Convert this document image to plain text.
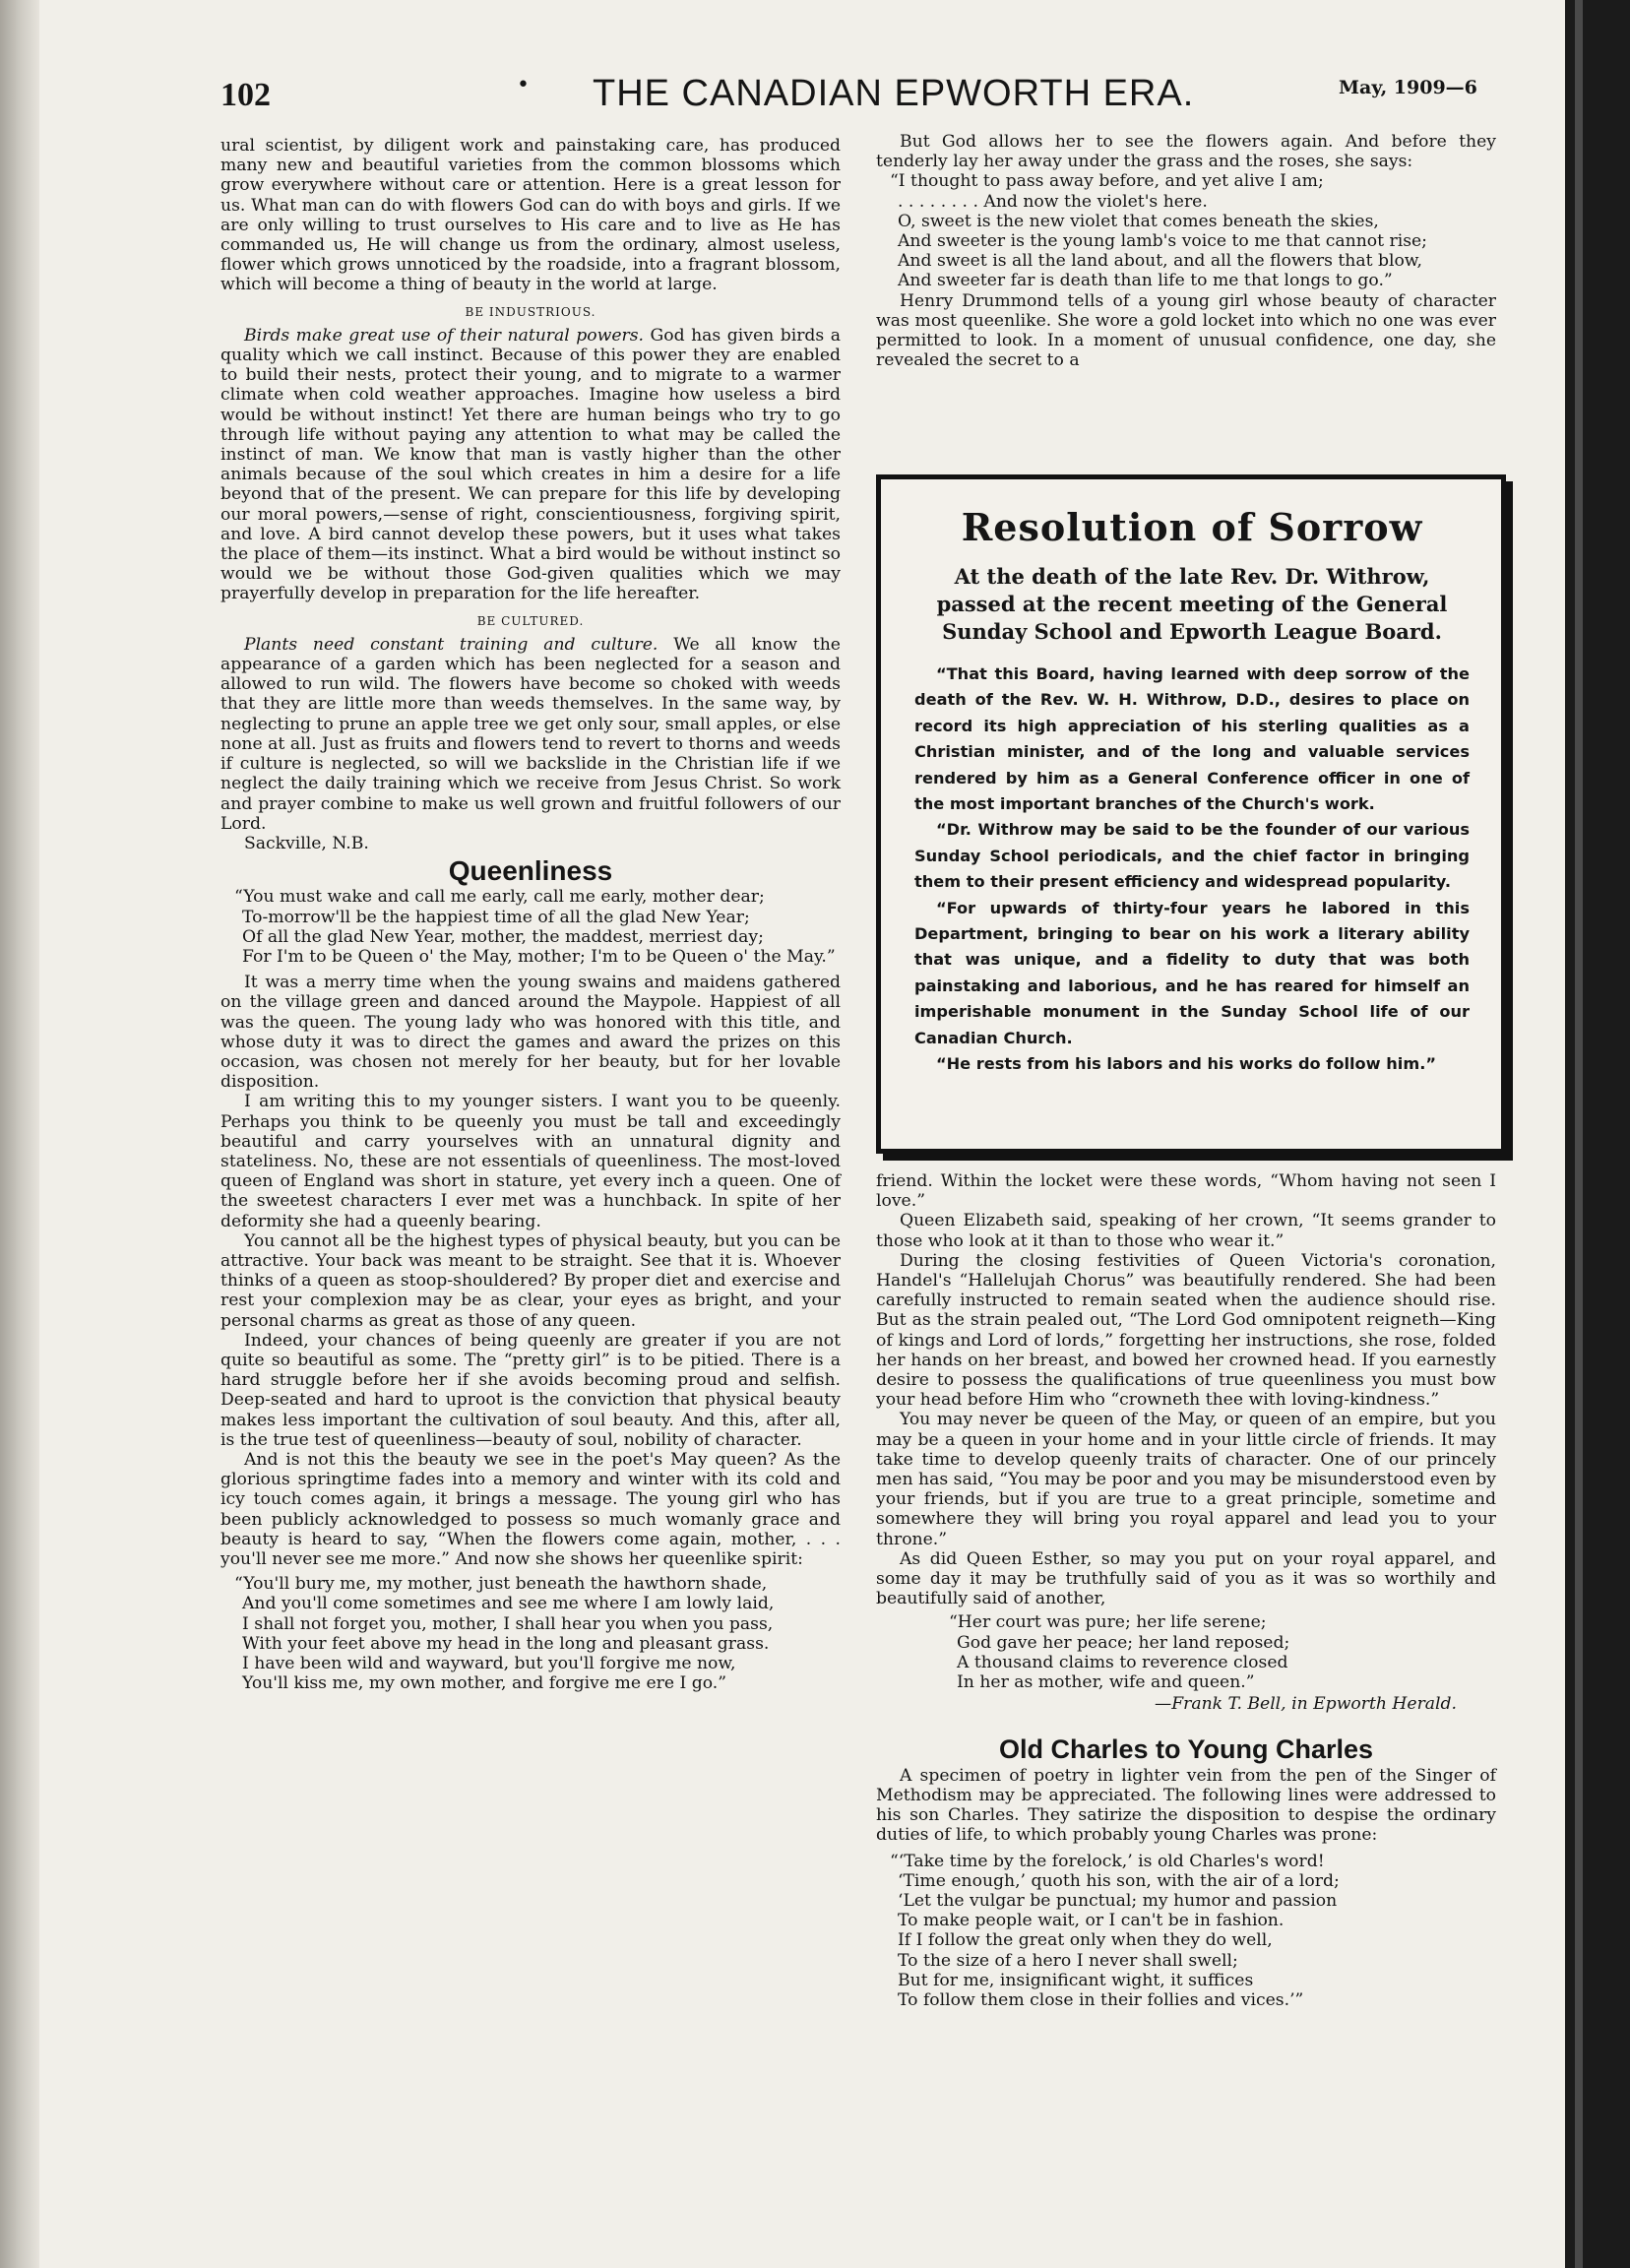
102	• THE CANADIAN EPWORTH ERA.	May, 1909—6

ural scientist, by diligent work and painstaking care, has produced many new and beautiful varieties from the common blossoms which grow everywhere without care or attention. Here is a great lesson for us. What man can do with flowers God can do with boys and girls. If we are only willing to trust ourselves to His care and to live as He has commanded us, He will change us from the ordinary, almost useless, flower which grows unnoticed by the roadside, into a fragrant blossom, which will become a thing of beauty in the world at large.

BE INDUSTRIOUS.

Birds make great use of their natural powers. God has given birds a quality which we call instinct. Because of this power they are enabled to build their nests, protect their young, and to migrate to a warmer climate when cold weather approaches. Imagine how useless a bird would be without instinct! Yet there are human beings who try to go through life without paying any attention to what may be called the instinct of man. We know that man is vastly higher than the other animals because of the soul which creates in him a desire for a life beyond that of the present. We can prepare for this life by developing our moral powers,—sense of right, conscientiousness, forgiving spirit, and love. A bird cannot develop these powers, but it uses what takes the place of them—its instinct. What a bird would be without instinct so would we be without those God-given qualities which we may prayerfully develop in preparation for the life hereafter.

BE CULTURED.

Plants need constant training and culture. We all know the appearance of a garden which has been neglected for a season and allowed to run wild. The flowers have become so choked with weeds that they are little more than weeds themselves. In the same way, by neglecting to prune an apple tree we get only sour, small apples, or else none at all. Just as fruits and flowers tend to revert to thorns and weeds if culture is neglected, so will we backslide in the Christian life if we neglect the daily training which we receive from Jesus Christ. So work and prayer combine to make us well grown and fruitful followers of our Lord.

Sackville, N.B.

Queenliness
“You must wake and call me early, call me early, mother dear;
To-morrow'll be the happiest time of all the glad New Year;
Of all the glad New Year, mother, the maddest, merriest day;
For I'm to be Queen o' the May, mother; I'm to be Queen o' the May.”

It was a merry time when the young swains and maidens gathered on the village green and danced around the Maypole. Happiest of all was the queen. The young lady who was honored with this title, and whose duty it was to direct the games and award the prizes on this occasion, was chosen not merely for her beauty, but for her lovable disposition.

I am writing this to my younger sisters. I want you to be queenly. Perhaps you think to be queenly you must be tall and exceedingly beautiful and carry yourselves with an unnatural dignity and stateliness. No, these are not essentials of queenliness. The most-loved queen of England was short in stature, yet every inch a queen. One of the sweetest characters I ever met was a hunchback. In spite of her deformity she had a queenly bearing.

You cannot all be the highest types of physical beauty, but you can be attractive. Your back was meant to be straight. See that it is. Whoever thinks of a queen as stoop-shouldered? By proper diet and exercise and rest your complexion may be as clear, your eyes as bright, and your personal charms as great as those of any queen.

Indeed, your chances of being queenly are greater if you are not quite so beautiful as some. The “pretty girl” is to be pitied. There is a hard struggle before her if she avoids becoming proud and selfish. Deep-seated and hard to uproot is the conviction that physical beauty makes less important the cultivation of soul beauty. And this, after all, is the true test of queenliness—beauty of soul, nobility of character.

And is not this the beauty we see in the poet's May queen? As the glorious springtime fades into a memory and winter with its cold and icy touch comes again, it brings a message. The young girl who has been publicly acknowledged to possess so much womanly grace and beauty is heard to say, “When the flowers come again, mother, . . . you'll never see me more.” And now she shows her queenlike spirit:

“You'll bury me, my mother, just beneath the hawthorn shade,
And you'll come sometimes and see me where I am lowly laid,
I shall not forget you, mother, I shall hear you when you pass,
With your feet above my head in the long and pleasant grass.
I have been wild and wayward, but you'll forgive me now,
You'll kiss me, my own mother, and forgive me ere I go.”

But God allows her to see the flowers again. And before they tenderly lay her away under the grass and the roses, she says:

“I thought to pass away before, and yet alive I am;
. . . . . . . . And now the violet's here.
O, sweet is the new violet that comes beneath the skies,
And sweeter is the young lamb's voice to me that cannot rise;
And sweet is all the land about, and all the flowers that blow,
And sweeter far is death than life to me that longs to go.”

Henry Drummond tells of a young girl whose beauty of character was most queenlike. She wore a gold locket into which no one was ever permitted to look. In a moment of unusual confidence, one day, she revealed the secret to a

Resolution of Sorrow
At the death of the late Rev. Dr. Withrow, passed at the recent meeting of the General Sunday School and Epworth League Board.

“That this Board, having learned with deep sorrow of the death of the Rev. W. H. Withrow, D.D., desires to place on record its high appreciation of his sterling qualities as a Christian minister, and of the long and valuable services rendered by him as a General Conference officer in one of the most important branches of the Church's work.

“Dr. Withrow may be said to be the founder of our various Sunday School periodicals, and the chief factor in bringing them to their present efficiency and widespread popularity.

“For upwards of thirty-four years he labored in this Department, bringing to bear on his work a literary ability that was unique, and a fidelity to duty that was both painstaking and laborious, and he has reared for himself an imperishable monument in the Sunday School life of our Canadian Church.

“He rests from his labors and his works do follow him.”

friend. Within the locket were these words, “Whom having not seen I love.”

Queen Elizabeth said, speaking of her crown, “It seems grander to those who look at it than to those who wear it.”

During the closing festivities of Queen Victoria's coronation, Handel's “Hallelujah Chorus” was beautifully rendered. She had been carefully instructed to remain seated when the audience should rise. But as the strain pealed out, “The Lord God omnipotent reigneth—King of kings and Lord of lords,” forgetting her instructions, she rose, folded her hands on her breast, and bowed her crowned head. If you earnestly desire to possess the qualifications of true queenliness you must bow your head before Him who “crowneth thee with loving-kindness.”

You may never be queen of the May, or queen of an empire, but you may be a queen in your home and in your little circle of friends. It may take time to develop queenly traits of character. One of our princely men has said, “You may be poor and you may be misunderstood even by your friends, but if you are true to a great principle, sometime and somewhere they will bring you royal apparel and lead you to your throne.”

As did Queen Esther, so may you put on your royal apparel, and some day it may be truthfully said of you as it was so worthily and beautifully said of another,

“Her court was pure; her life serene;
God gave her peace; her land reposed;
A thousand claims to reverence closed
In her as mother, wife and queen.”
—Frank T. Bell, in Epworth Herald.
Old Charles to Young Charles

A specimen of poetry in lighter vein from the pen of the Singer of Methodism may be appreciated. The following lines were addressed to his son Charles. They satirize the disposition to despise the ordinary duties of life, to which probably young Charles was prone:

“‘Take time by the forelock,’ is old Charles's word!
‘Time enough,’ quoth his son, with the air of a lord;
‘Let the vulgar be punctual; my humor and passion
To make people wait, or I can't be in fashion.
If I follow the great only when they do well,
To the size of a hero I never shall swell;
But for me, insignificant wight, it suffices
To follow them close in their follies and vices.’”
